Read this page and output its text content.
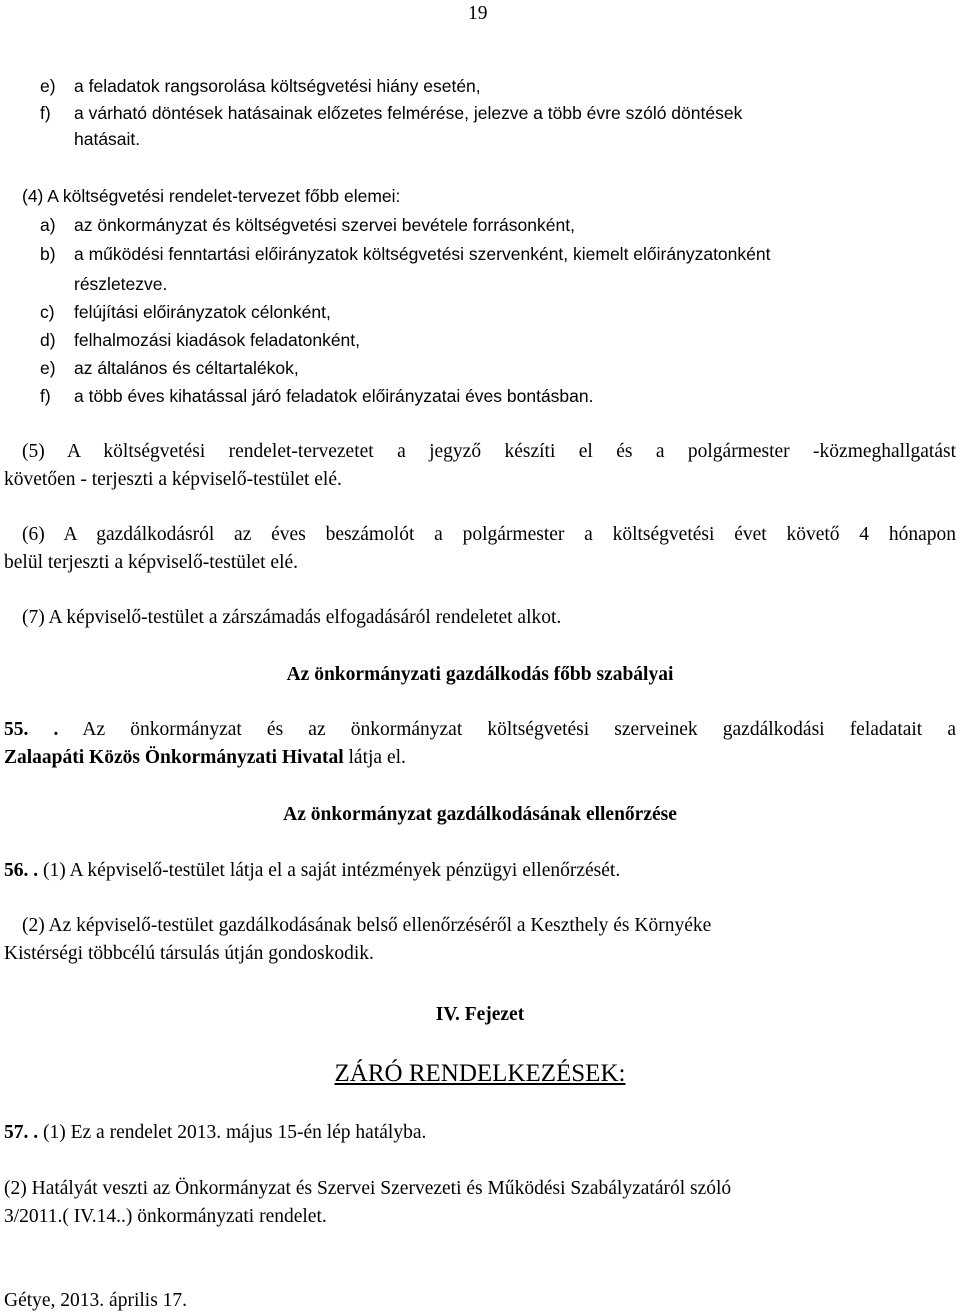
19
e) a feladatok rangsorolása költségvetési hiány esetén,
f) a várható döntések hatásainak előzetes felmérése, jelezve a több évre szóló döntések
hatásait.
(4) A költségvetési rendelet-tervezet főbb elemei:
a) az önkormányzat és költségvetési szervei bevétele forrásonként,
b) a működési fenntartási előirányzatok költségvetési szervenként, kiemelt előirányzatonként
részletezve.
c) felújítási előirányzatok célonként,
d) felhalmozási kiadások feladatonként,
e) az általános és céltartalékok,
f) a több éves kihatással járó feladatok előirányzatai éves bontásban.
(5) A költségvetési rendelet-tervezetet a jegyző készíti el és a polgármester -közmeghallgatást
követően - terjeszti a képviselő-testület elé.
(6) A gazdálkodásról az éves beszámolót a polgármester a költségvetési évet követő 4 hónapon
belül terjeszti a képviselő-testület elé.
(7) A képviselő-testület a zárszámadás elfogadásáról rendeletet alkot.
Az önkormányzati gazdálkodás főbb szabályai
55. . Az önkormányzat és az önkormányzat költségvetési szerveinek gazdálkodási feladatait a
Zalaapáti Közös Önkormányzati Hivatal látja el.
Az önkormányzat gazdálkodásának ellenőrzése
56. . (1) A képviselő-testület látja el a saját intézmények pénzügyi ellenőrzését.
(2) Az képviselő-testület gazdálkodásának belső ellenőrzéséről a Keszthely és Környéke
Kistérségi többcélú társulás útján gondoskodik.
IV. Fejezet
ZÁRÓ RENDELKEZÉSEK:
57. . (1) Ez a rendelet 2013. május 15-én lép hatályba.
(2) Hatályát veszti az Önkormányzat és Szervei Szervezeti és Működési Szabályzatáról szóló
3/2011.( IV.14..) önkormányzati rendelet.
Gétye, 2013. április 17.
